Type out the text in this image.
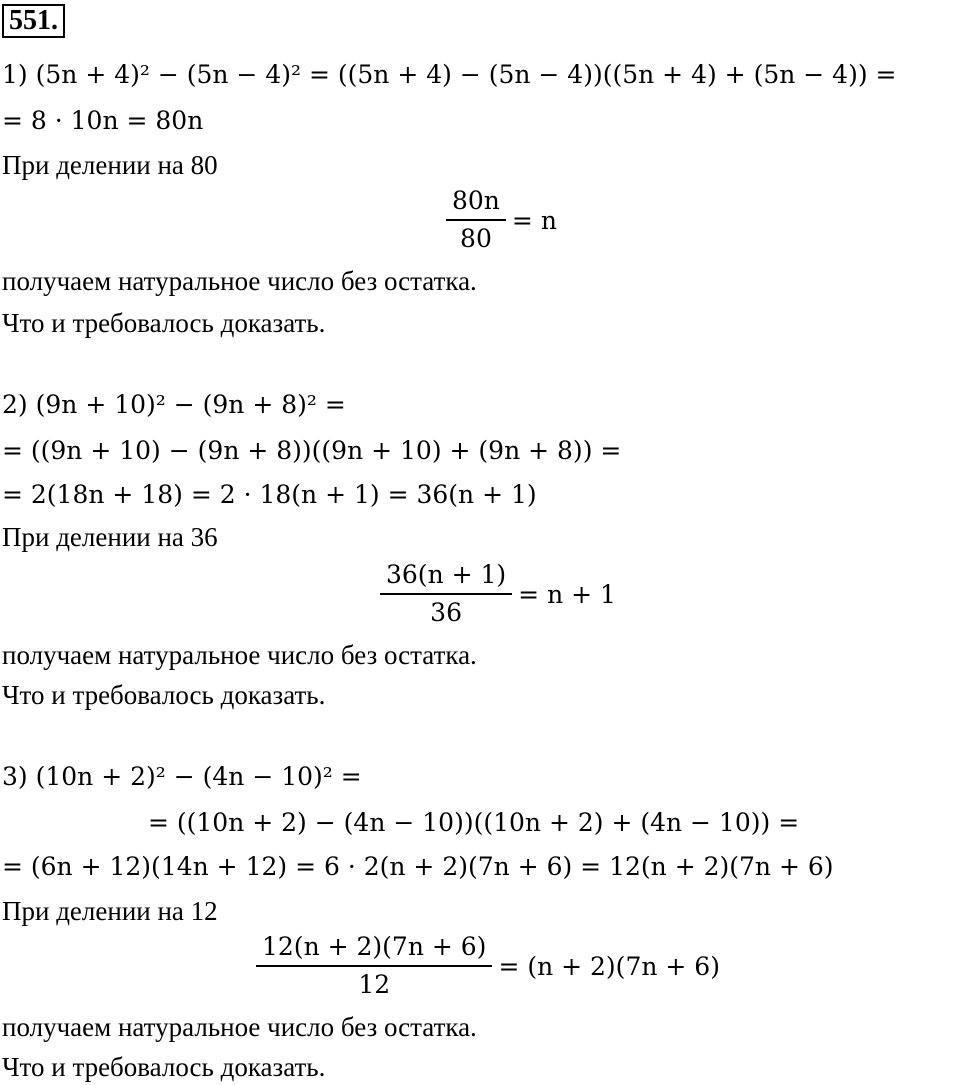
551.
1) (5n + 4)² − (5n − 4)² = ((5n + 4) − (5n − 4))((5n + 4) + (5n − 4)) =
= 8 · 10n = 80n
При делении на 80
$\frac{80n}{80} = n$
получаем натуральное число без остатка.
Что и требовалось доказать.
2) (9n + 10)² − (9n + 8)² =
= ((9n + 10) − (9n + 8))((9n + 10) + (9n + 8)) =
= 2(18n + 18) = 2 · 18(n + 1) = 36(n + 1)
При делении на 36
$\frac{36(n + 1)}{36} = n + 1$
получаем натуральное число без остатка.
Что и требовалось доказать.
3) (10n + 2)² − (4n − 10)² =
= ((10n + 2) − (4n − 10))((10n + 2) + (4n − 10)) =
= (6n + 12)(14n + 12) = 6 · 2(n + 2)(7n + 6) = 12(n + 2)(7n + 6)
При делении на 12
$\frac{12(n + 2)(7n + 6)}{12} = (n + 2)(7n + 6)$
получаем натуральное число без остатка.
Что и требовалось доказать.
